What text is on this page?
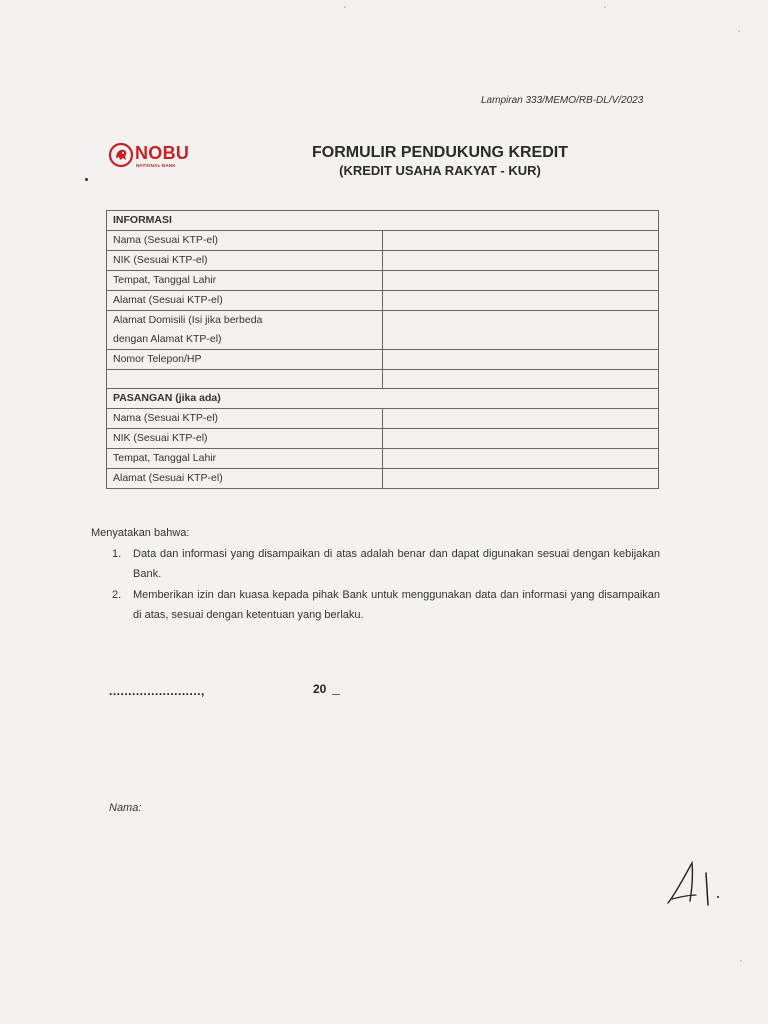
Lampiran 333/MEMO/RB-DL/V/2023
NOBU
NATIONAL BANK
FORMULIR PENDUKUNG KREDIT
(KREDIT USAHA RAKYAT - KUR)
INFORMASI	
Nama (Sesuai KTP-el)	
NIK (Sesuai KTP-el)	
Tempat, Tanggal Lahir	
Alamat (Sesuai KTP-el)	
Alamat Domisili (Isi jika berbeda
dengan Alamat KTP-el)	
Nomor Telepon/HP	

PASANGAN (jika ada)	
Nama (Sesuai KTP-el)	
NIK (Sesuai KTP-el)	
Tempat, Tanggal Lahir	
Alamat (Sesuai KTP-el)	
Menyatakan bahwa:
1. Data dan informasi yang disampaikan di atas adalah benar dan dapat digunakan sesuai dengan kebijakan Bank.
2. Memberikan izin dan kuasa kepada pihak Bank untuk menggunakan data dan informasi yang disampaikan di atas, sesuai dengan ketentuan yang berlaku.
........................,	20
Nama:
